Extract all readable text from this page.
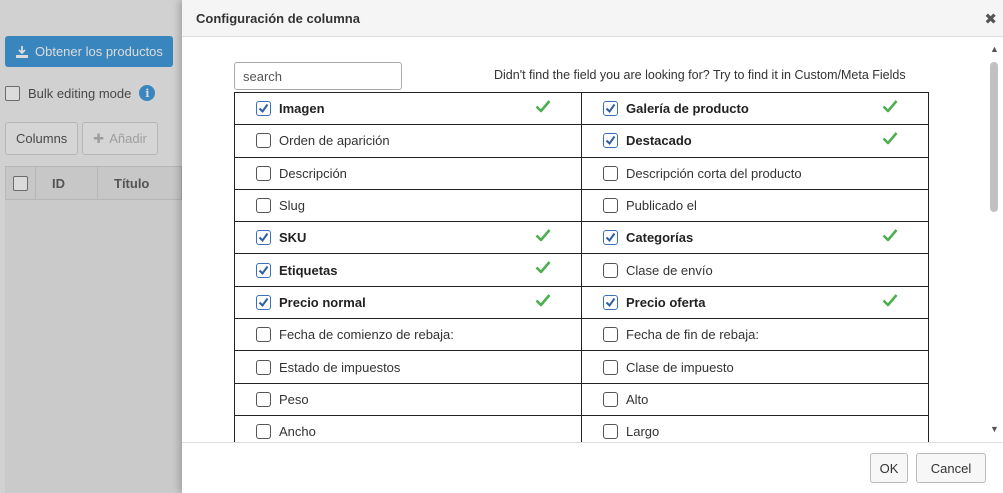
Obtener los productos
Bulk editing mode	i
Columns	✚ Añadir
ID	Título
Configuración de columna	✖
search
Didn't find the field you are looking for? Try to find it in Custom/Meta Fields
Imagen	Galería de producto
Orden de aparición	Destacado
Descripción	Descripción corta del producto
Slug	Publicado el
SKU	Categorías
Etiquetas	Clase de envío
Precio normal	Precio oferta
Fecha de comienzo de rebaja:	Fecha de fin de rebaja:
Estado de impuestos	Clase de impuesto
Peso	Alto
Ancho	Largo
▲
▼
OK	Cancel
